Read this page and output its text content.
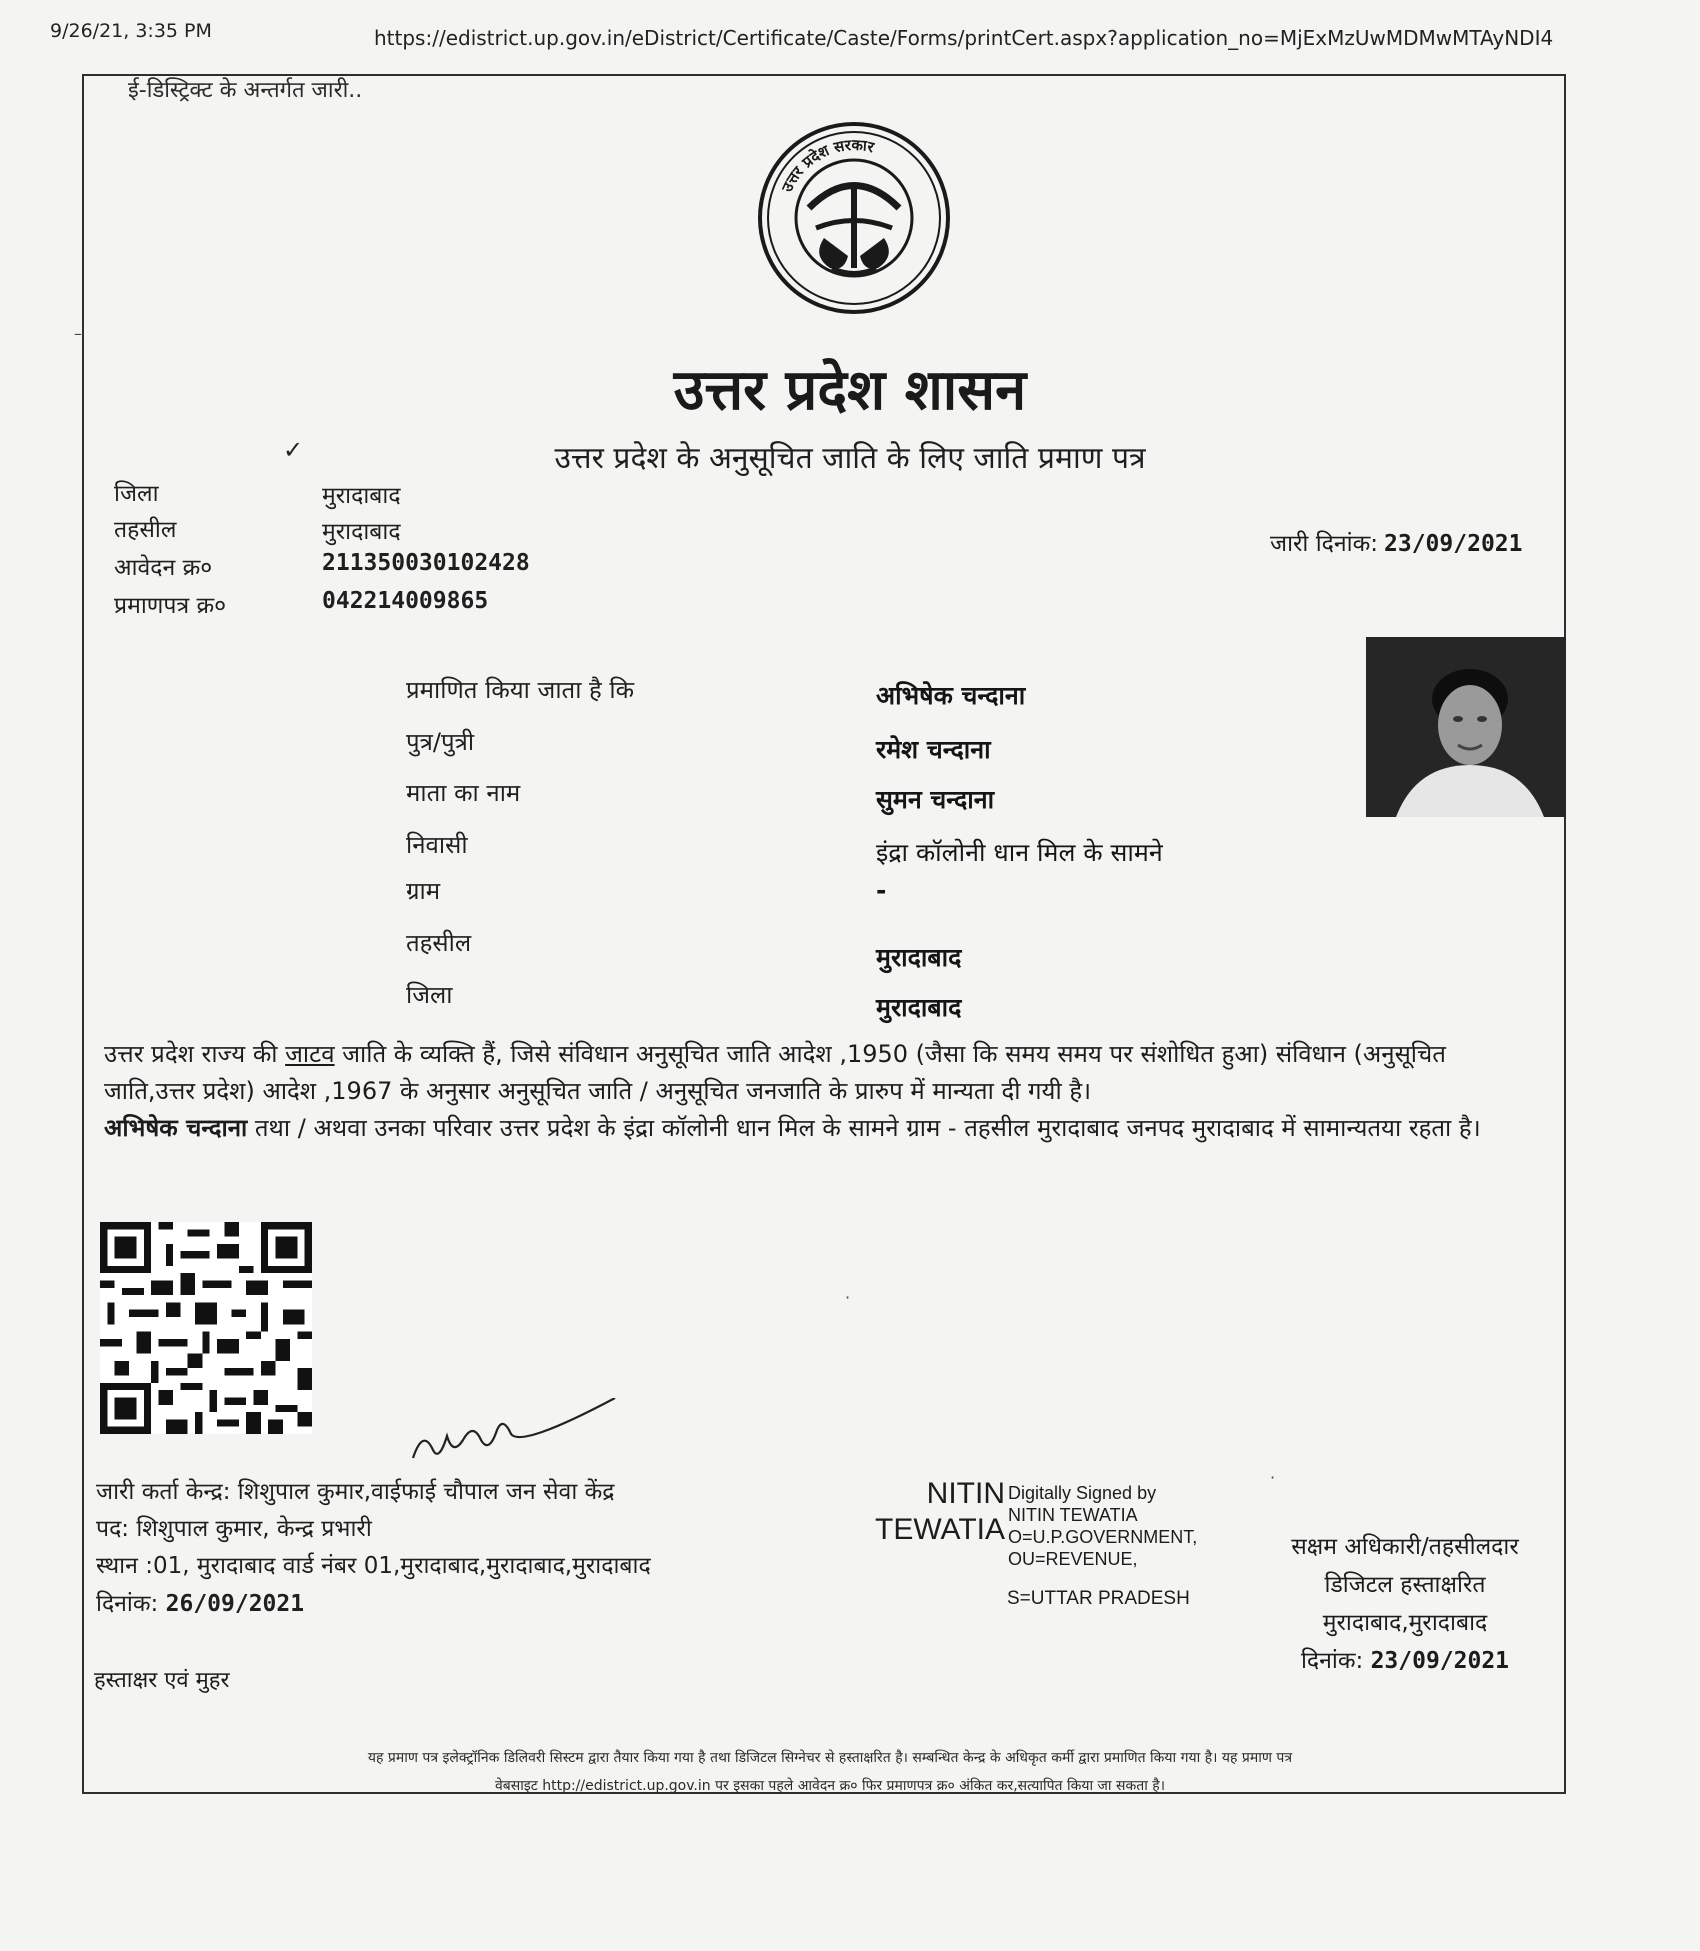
9/26/21, 3:35 PM	https://edistrict.up.gov.in/eDistrict/Certificate/Caste/Forms/printCert.aspx?application_no=MjExMzUwMDMwMTAyNDI4
ई-डिस्ट्रिक्ट के अन्तर्गत जारी..
उत्तर प्रदेश सरकार
उत्तर प्रदेश शासन
✓	उत्तर प्रदेश के अनुसूचित जाति के लिए जाति प्रमाण पत्र
जिला	मुरादाबाद
तहसील	मुरादाबाद
आवेदन क्र०	211350030102428
प्रमाणपत्र क्र०	042214009865
जारी दिनांक: 23/09/2021
प्रमाणित किया जाता है कि	अभिषेक चन्दाना
पुत्र/पुत्री	रमेश चन्दाना
माता का नाम	सुमन चन्दाना
निवासी	इंद्रा कॉलोनी धान मिल के सामने
ग्राम	-
तहसील	मुरादाबाद
जिला	मुरादाबाद
उत्तर प्रदेश राज्य की जाटव जाति के व्यक्ति हैं, जिसे संविधान अनुसूचित जाति आदेश ,1950 (जैसा कि समय समय पर संशोधित हुआ) संविधान (अनुसूचित जाति,उत्तर प्रदेश) आदेश ,1967 के अनुसार अनुसूचित जाति / अनुसूचित जनजाति के प्रारुप में मान्यता दी गयी है।
अभिषेक चन्दाना तथा / अथवा उनका परिवार उत्तर प्रदेश के इंद्रा कॉलोनी धान मिल के सामने ग्राम - तहसील मुरादाबाद जनपद मुरादाबाद में सामान्यतया रहता है।
जारी कर्ता केन्द्र: शिशुपाल कुमार,वाईफाई चौपाल जन सेवा केंद्र
पद: शिशुपाल कुमार, केन्द्र प्रभारी
स्थान :01, मुरादाबाद वार्ड नंबर 01,मुरादाबाद,मुरादाबाद,मुरादाबाद
दिनांक: 26/09/2021
NITIN
TEWATIA
Digitally Signed by
NITIN TEWATIA
O=U.P.GOVERNMENT,
OU=REVENUE,
S=UTTAR PRADESH
सक्षम अधिकारी/तहसीलदार
डिजिटल हस्ताक्षरित
मुरादाबाद,मुरादाबाद
दिनांक: 23/09/2021
हस्ताक्षर एवं मुहर
यह प्रमाण पत्र इलेक्ट्रॉनिक डिलिवरी सिस्टम द्वारा तैयार किया गया है तथा डिजिटल सिग्नेचर से हस्ताक्षरित है। सम्बन्धित केन्द्र के अधिकृत कर्मी द्वारा प्रमाणित किया गया है। यह प्रमाण पत्र
वेबसाइट http://edistrict.up.gov.in पर इसका पहले आवेदन क्र० फिर प्रमाणपत्र क्र० अंकित कर,सत्यापित किया जा सकता है।
–
·
·
